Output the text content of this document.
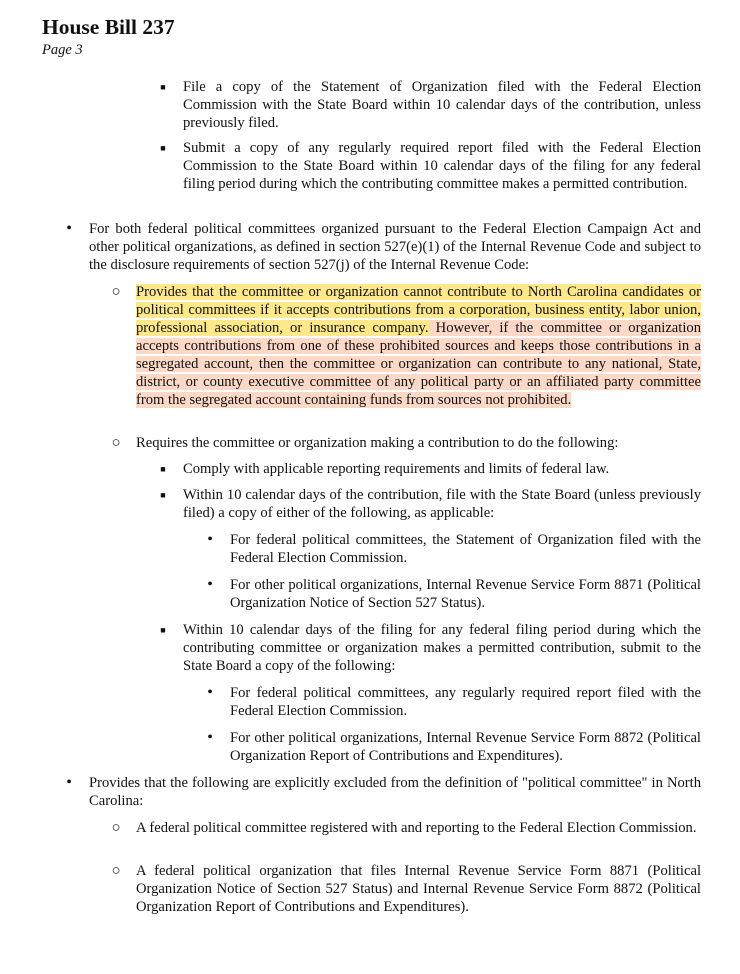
House Bill 237
Page 3
■ File a copy of the Statement of Organization filed with the Federal Election Commission with the State Board within 10 calendar days of the contribution, unless previously filed.
■ Submit a copy of any regularly required report filed with the Federal Election Commission to the State Board within 10 calendar days of the filing for any federal filing period during which the contributing committee makes a permitted contribution.
• For both federal political committees organized pursuant to the Federal Election Campaign Act and other political organizations, as defined in section 527(e)(1) of the Internal Revenue Code and subject to the disclosure requirements of section 527(j) of the Internal Revenue Code:
○ Provides that the committee or organization cannot contribute to North Carolina candidates or political committees if it accepts contributions from a corporation, business entity, labor union, professional association, or insurance company. However, if the committee or organization accepts contributions from one of these prohibited sources and keeps those contributions in a segregated account, then the committee or organization can contribute to any national, State, district, or county executive committee of any political party or an affiliated party committee from the segregated account containing funds from sources not prohibited.
○ Requires the committee or organization making a contribution to do the following:
■ Comply with applicable reporting requirements and limits of federal law.
■ Within 10 calendar days of the contribution, file with the State Board (unless previously filed) a copy of either of the following, as applicable:
• For federal political committees, the Statement of Organization filed with the Federal Election Commission.
• For other political organizations, Internal Revenue Service Form 8871 (Political Organization Notice of Section 527 Status).
■ Within 10 calendar days of the filing for any federal filing period during which the contributing committee or organization makes a permitted contribution, submit to the State Board a copy of the following:
• For federal political committees, any regularly required report filed with the Federal Election Commission.
• For other political organizations, Internal Revenue Service Form 8872 (Political Organization Report of Contributions and Expenditures).
• Provides that the following are explicitly excluded from the definition of "political committee" in North Carolina:
○ A federal political committee registered with and reporting to the Federal Election Commission.
○ A federal political organization that files Internal Revenue Service Form 8871 (Political Organization Notice of Section 527 Status) and Internal Revenue Service Form 8872 (Political Organization Report of Contributions and Expenditures).
